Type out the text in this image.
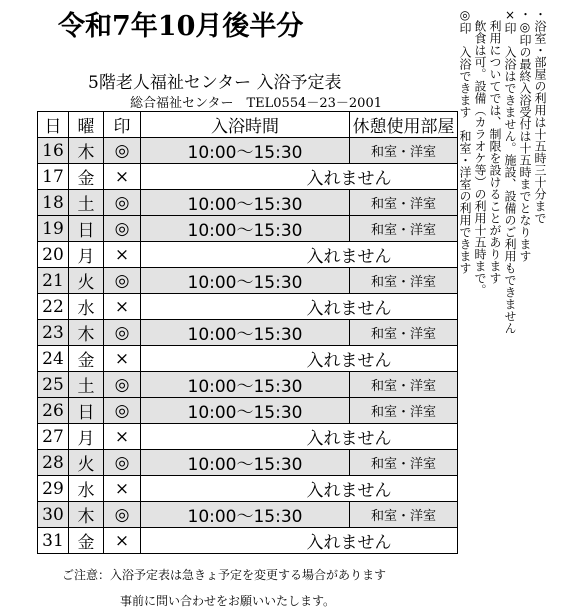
令和7年10月後半分
5階老人福祉センター 入浴予定表
総合福祉センター　TEL0554－23－2001
日	曜	印	入浴時間	休憩使用部屋
16	木	◎	10:00～15:30	和室・洋室
17	金	×	入れません	
18	土	◎	10:00～15:30	和室・洋室
19	日	◎	10:00～15:30	和室・洋室
20	月	×	入れません	
21	火	◎	10:00～15:30	和室・洋室
22	水	×	入れません	
23	木	◎	10:00～15:30	和室・洋室
24	金	×	入れません	
25	土	◎	10:00～15:30	和室・洋室
26	日	◎	10:00～15:30	和室・洋室
27	月	×	入れません	
28	火	◎	10:00～15:30	和室・洋室
29	水	×	入れません	
30	木	◎	10:00～15:30	和室・洋室
31	金	×	入れません	
・浴室・部屋の利用は十五時三十分まで
・◎印の最終入浴受付は十五時までとなります
×印　入浴はできません。施設、設備のご利用もできません
　利用についてでは、制限を設けることがあります
　飲食は可。設備（カラオケ等）の利用十五時まで。
◎印　入浴できます　和室・洋室の利用できます
ご注意：入浴予定表は急きょ予定を変更する場合があります
事前に問い合わせをお願いいたします。
